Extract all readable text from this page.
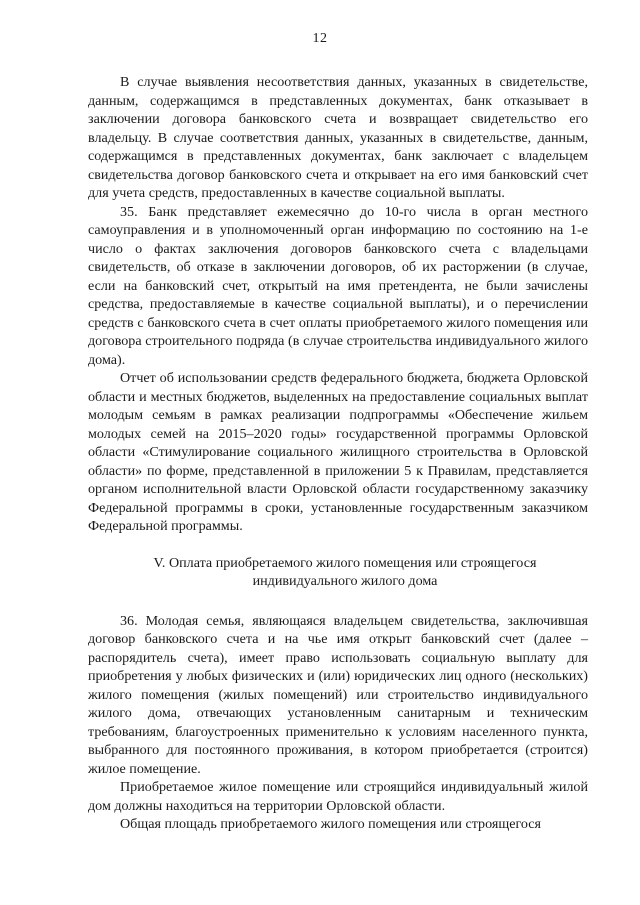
12

В случае выявления несоответствия данных, указанных в свидетельстве, данным, содержащимся в представленных документах, банк отказывает в заключении договора банковского счета и возвращает свидетельство его владельцу. В случае соответствия данных, указанных в свидетельстве, данным, содержащимся в представленных документах, банк заключает с владельцем свидетельства договор банковского счета и открывает на его имя банковский счет для учета средств, предоставленных в качестве социальной выплаты.

35. Банк представляет ежемесячно до 10-го числа в орган местного самоуправления и в уполномоченный орган информацию по состоянию на 1-е число о фактах заключения договоров банковского счета с владельцами свидетельств, об отказе в заключении договоров, об их расторжении (в случае, если на банковский счет, открытый на имя претендента, не были зачислены средства, предоставляемые в качестве социальной выплаты), и о перечислении средств с банковского счета в счет оплаты приобретаемого жилого помещения или договора строительного подряда (в случае строительства индивидуального жилого дома).

Отчет об использовании средств федерального бюджета, бюджета Орловской области и местных бюджетов, выделенных на предоставление социальных выплат молодым семьям в рамках реализации подпрограммы «Обеспечение жильем молодых семей на 2015–2020 годы» государственной программы Орловской области «Стимулирование социального жилищного строительства в Орловской области» по форме, представленной в приложении 5 к Правилам, представляется органом исполнительной власти Орловской области государственному заказчику Федеральной программы в сроки, установленные государственным заказчиком Федеральной программы.

V. Оплата приобретаемого жилого помещения или строящегося
индивидуального жилого дома

36. Молодая семья, являющаяся владельцем свидетельства, заключившая договор банковского счета и на чье имя открыт банковский счет (далее – распорядитель счета), имеет право использовать социальную выплату для приобретения у любых физических и (или) юридических лиц одного (нескольких) жилого помещения (жилых помещений) или строительство индивидуального жилого дома, отвечающих установленным санитарным и техническим требованиям, благоустроенных применительно к условиям населенного пункта, выбранного для постоянного проживания, в котором приобретается (строится) жилое помещение.

Приобретаемое жилое помещение или строящийся индивидуальный жилой дом должны находиться на территории Орловской области.

Общая площадь приобретаемого жилого помещения или строящегося
